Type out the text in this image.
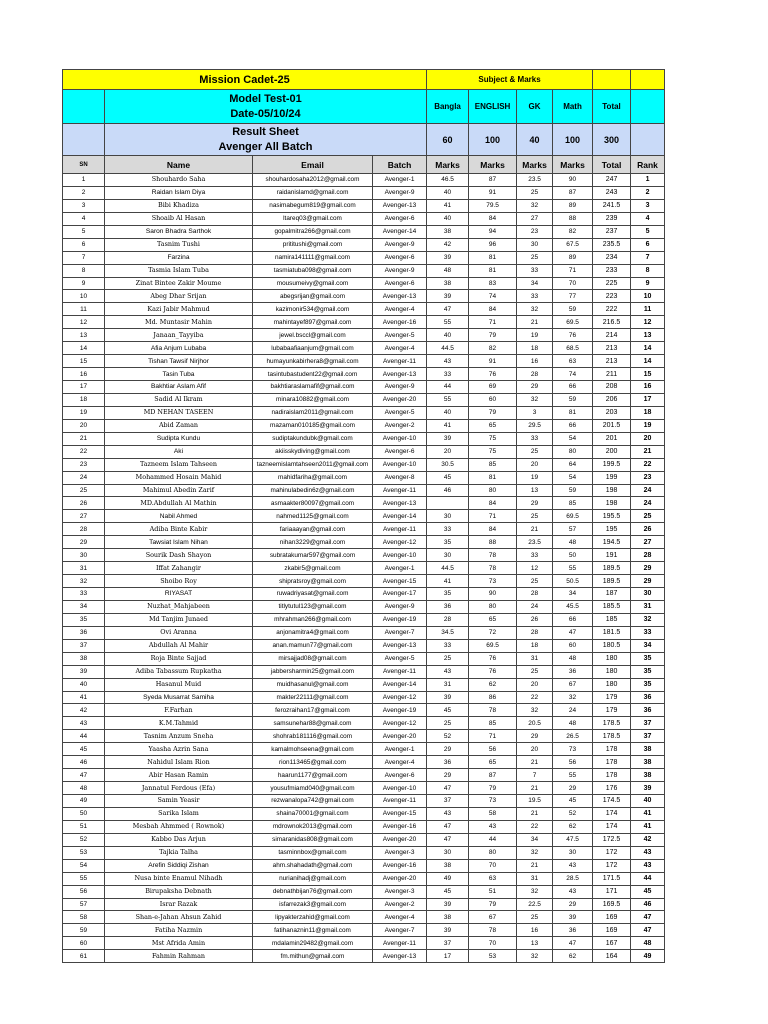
Mission Cadet-25				Subject & Marks					

	Model Test-01
Date-05/10/24			Bangla	ENGLISH	GK	Math	Total	

	Result Sheet
Avenger All Batch			60	100	40	100	300	
SN	Name	Email	Batch	Marks	Marks	Marks	Marks	Total	Rank
1	Shouhardo Saha	shouhardosaha2012@gmail.com	Avenger-1	46.5	87	23.5	90	247	1
2	Raidan Islam Diya	raidanislamd@gmail.com	Avenger-9	40	91	25	87	243	2
3	Bibi Khadiza	nasimabegum819@gmail.com	Avenger-13	41	79.5	32	89	241.5	3
4	Shoaib Al Hasan	ltareq03@gmail.com	Avenger-6	40	84	27	88	239	4
5	Saron Bhadra Sarthok	gopalmitra266@gmail.com	Avenger-14	38	94	23	82	237	5
6	Tasnim Tushi	prititushi@gmail.com	Avenger-9	42	96	30	67.5	235.5	6
7	Farzina	namira141111@gmail.com	Avenger-6	39	81	25	89	234	7
8	Tasmia Islam Tuba	tasmiatuba098@gmail.com	Avenger-9	48	81	33	71	233	8
9	Zinat Bintee Zakir Moume	mousumeivy@gmail.com	Avenger-6	38	83	34	70	225	9
10	Abeg Dhar Srijan	abegsrijan@gmail.com	Avenger-13	39	74	33	77	223	10
11	Kazi Jabir Mahmud	kazimonir534@gmail.com	Avenger-4	47	84	32	59	222	11
12	Md. Muntasir Mahin	mahintayef897@gmail.com	Avenger-16	55	71	21	69.5	216.5	12
13	Janaan_Tayyiba	jewel.bsccl@gmail.com	Avenger-5	40	79	19	76	214	13
14	Afia Anjum Lubaba	lubabaafiaanjum@gmail.com	Avenger-4	44.5	82	18	68.5	213	14
15	Tishan Tawsif Nirjhor	humayunkabirhera8@gmail.com	Avenger-11	43	91	16	63	213	14
16	Tasin Tuba	tasintubastudent22@gmail.com	Avenger-13	33	76	28	74	211	15
17	Bakhtiar Aslam Afif	bakhtiaraslamafif@gmail.com	Avenger-9	44	69	29	66	208	16
18	Sadid Al Ikram	minara10882@gmail.com	Avenger-20	55	60	32	59	206	17
19	MD NEHAN TASEEN	nadiraislam2011@gmail.com	Avenger-5	40	79	3	81	203	18
20	Abid Zaman	mazaman010185@gmail.com	Avenger-2	41	65	29.5	66	201.5	19
21	Sudipta Kundu	sudiptakundubk@gmail.com	Avenger-10	39	75	33	54	201	20
22	Aki	akiisskydiving@gmail.com	Avenger-6	20	75	25	80	200	21
23	Tazneem Islam Tahseen	tazneemislamtahseen2011@gmail.com	Avenger-10	30.5	85	20	64	199.5	22
24	Mohammed Hosain Mahid	mahidfariha@gmail.com	Avenger-8	45	81	19	54	199	23
25	Mahimul Abedin Zarif	mahinulabedin6z@gmail.com	Avenger-11	46	80	13	59	198	24
26	MD.Abdullah Al Mathin	asmaakter80097@gmail.com	Avenger-13		84	29	85	198	24
27	Nabil Ahmed	nahmed1125@gmail.com	Avenger-14	30	71	25	69.5	195.5	25
28	Adiba Binte Kabir	fariaaayan@gmail.com	Avenger-11	33	84	21	57	195	26
29	Tawsiat Islam Nihan	nihan3229@gmail.com	Avenger-12	35	88	23.5	48	194.5	27
30	Sourik Dash Shayon	subratakumar597@gmail.com	Avenger-10	30	78	33	50	191	28
31	Iffat Zahangir	zkabir5@gmail.com	Avenger-1	44.5	78	12	55	189.5	29
32	Shoibo Roy	shipratsroy@gmail.com	Avenger-15	41	73	25	50.5	189.5	29
33	RIYASAT	ruwadriyasat@gmail.com	Avenger-17	35	90	28	34	187	30
34	Nuzhat_Mahjabeen	titlytutul123@gmail.com	Avenger-9	36	80	24	45.5	185.5	31
35	Md Tanjim Junaed	mhrahman266@gmail.com	Avenger-19	28	65	26	66	185	32
36	Ovi Aranna	anjonamitra4@gmail.com	Avenger-7	34.5	72	28	47	181.5	33
37	Abdullah Al Mahir	anan.mamun77@gmail.com	Avenger-13	33	69.5	18	60	180.5	34
38	Roja Binte Sajjad	mirsajjad08@gmail.com	Avenger-5	25	76	31	48	180	35
39	Adiba Tabassum Rupkatha	jabbersharmin25@gmail.com	Avenger-11	43	76	25	36	180	35
40	Hasanul Muid	muidhasanul@gmail.com	Avenger-14	31	62	20	67	180	35
41	Syeda Musarrat Samiha	makter22111@gmail.com	Avenger-12	39	86	22	32	179	36
42	F.Farhan	ferozraihan17@gmail.com	Avenger-19	45	78	32	24	179	36
43	K.M.Tahmid	samsunehar88@gmail.com	Avenger-12	25	85	20.5	48	178.5	37
44	Tasnim Anzum Sneha	shohrab181116@gmail.com	Avenger-20	52	71	29	26.5	178.5	37
45	Yaasha Azrin Sana	kamalmohseena@gmail.com	Avenger-1	29	56	20	73	178	38
46	Nahidul Islam Rion	rion113465@gmail.com	Avenger-4	36	65	21	56	178	38
47	Abir Hasan Ramin	haarun1177@gmail.com	Avenger-6	29	87	7	55	178	38
48	Jannatul Ferdous (Efa)	yousufmiamd040@gmail.com	Avenger-10	47	79	21	29	176	39
49	Samin Yeasir	rezwanalopa742@gmail.com	Avenger-11	37	73	19.5	45	174.5	40
50	Sarika Islam	shaina70001@gmail.com	Avenger-15	43	58	21	52	174	41
51	Mesbah Ahmmed ( Rownok)	mdrownok2013@gmail.com	Avenger-16	47	43	22	62	174	41
52	Kabbo Das Arjun	simaranidas808@gmail.com	Avenger-20	47	44	34	47.5	172.5	42
53	Tajkia Talha	tasminnbox@gmail.com	Avenger-3	30	80	32	30	172	43
54	Arefin Siddiqi Zishan	ahm.shahadath@gmail.com	Avenger-16	38	70	21	43	172	43
55	Nusa binte Enamul Nihadh	nurianihadj@gmail.com	Avenger-20	49	63	31	28.5	171.5	44
56	Birupaksha Debnath	debnathbijan76@gmail.com	Avenger-3	45	51	32	43	171	45
57	Israr Razak	isfarrezak3@gmail.com	Avenger-2	39	79	22.5	29	169.5	46
58	Shan-e-Jahan Ahsun Zahid	lipyakterzahid@gmail.com	Avenger-4	38	67	25	39	169	47
59	Fatiha Nazmin	fatihanaznin11@gmail.com	Avenger-7	39	78	16	36	169	47
60	Mst Afrida Amin	mdalamin29482@gmail.com	Avenger-11	37	70	13	47	167	48
61	Fahmin Rahman	fm.mithun@gmail.com	Avenger-13	17	53	32	62	164	49
